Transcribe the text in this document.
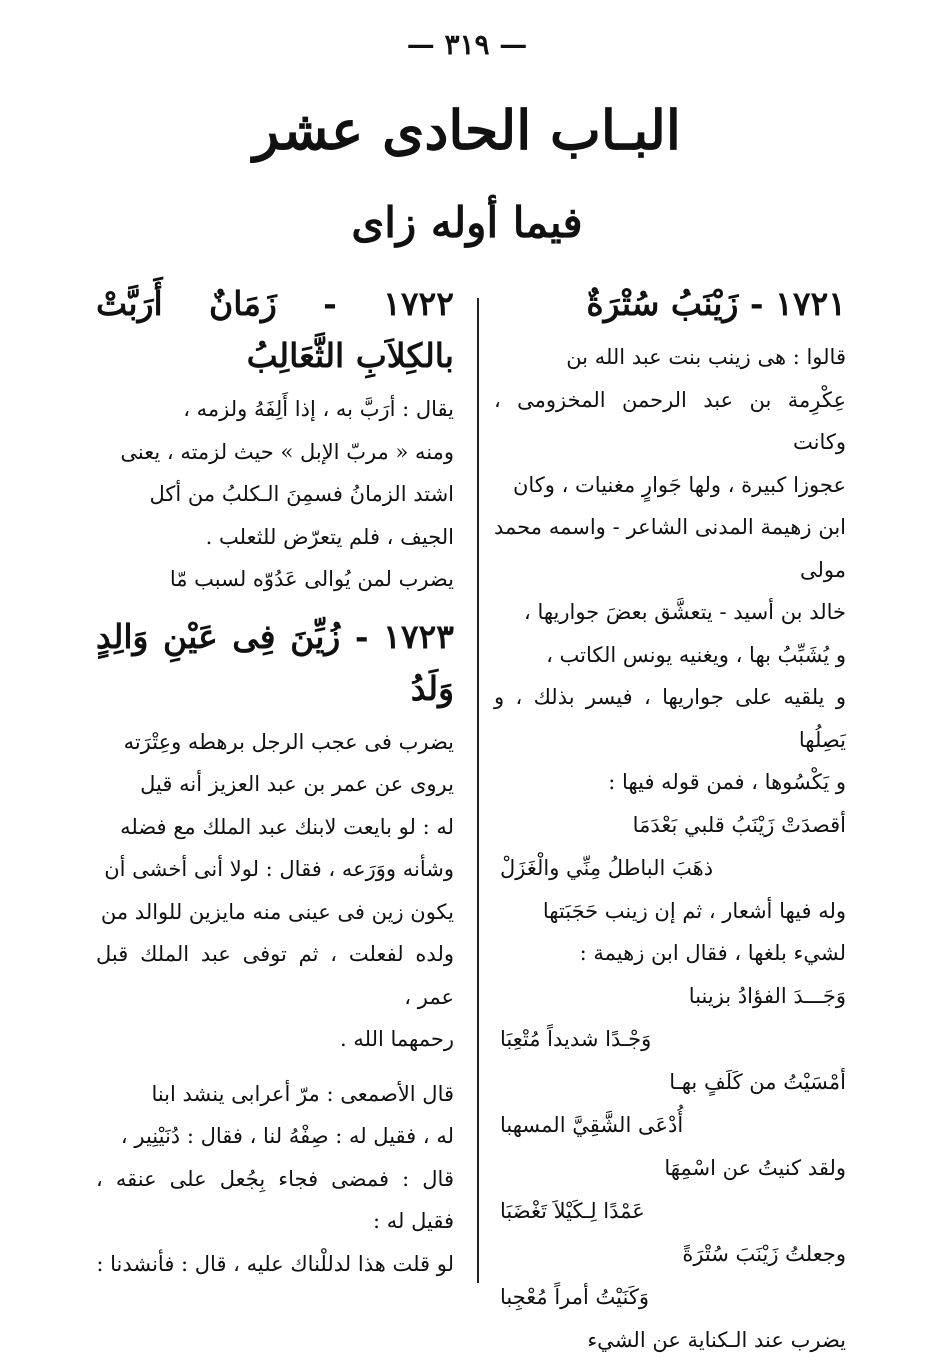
— ٣١٩ —
البـاب الحادى عشر
فيما أوله زاى
١٧٢١ - زَيْنَبُ سُتْرَةٌ

قالوا : هى زينب بنت عبد الله بن

عِكْرِمة بن عبد الرحمن المخزومى ، وكانت

عجوزا كبيرة ، ولها جَوارٍ مغنيات ، وكان

ابن زهيمة المدنى الشاعر - واسمه محمد مولى

خالد بن أسيد - يتعشَّق بعضَ جواريها ،

و يُشَبِّبُ بها ، ويغنيه يونس الكاتب ،

و يلقيه على جواريها ، فيسر بذلك ، و يَصِلُها

و يَكْسُوها ، فمن قوله فيها :

أقصدَتْ زَيْنَبُ قلبي بَعْدَمَا

ذهَبَ الباطلُ مِنِّي والْغَزَلْ

وله فيها أشعار ، ثم إن زينب حَجَبَتها

لشيء بلغها ، فقال ابن زهيمة :

وَجَـــدَ الفؤادُ بزينبا

وَجْـدًا شديداً مُتْعِبَا

أمْسَيْتُ من كَلَفٍ بهـا

أُدْعَى الشَّقِيَّ المسهبا

ولقد كنيتُ عن اسْمِهَا

عَمْدًا لِـكَيْلاَ تَغْضَبَا

وجعلتُ زَيْنَبَ سُتْرَةً

وَكَنَيْتُ أمراً مُعْجِبا

يضرب عند الـكناية عن الشيء

١٧٢٢ - زَمَانٌ أَرَبَّتْ بالكِلاَبِ الثَّعَالِبُ

يقال : أرَبَّ به ، إذا أَلِفَهُ ولزمه ،

ومنه « مربّ الإبل » حيث لزمته ، يعنى

اشتد الزمانُ فسمِنَ الـكلبُ من أكل

الجيف ، فلم يتعرّض للثعلب .

يضرب لمن يُوالى عَدُوّه لسبب مّا

١٧٢٣ - زُيِّنَ فِى عَيْنِ وَالِدٍ وَلَدُ

يضرب فى عجب الرجل برهطه وعِتْرَته

يروى عن عمر بن عبد العزيز أنه قيل

له : لو بايعت لابنك عبد الملك مع فضله

وشأنه ووَرَعه ، فقال : لولا أنى أخشى أن

يكون زين فى عينى منه مايزين للوالد من

ولده لفعلت ، ثم توفى عبد الملك قبل عمر ،

رحمهما الله .

قال الأصمعى : مرّ أعرابى ينشد ابنا

له ، فقيل له : صِفْهُ لنا ، فقال : دُنَيْنِير ،

قال : فمضى فجاء بِجُعل على عنقه ، فقيل له :

لو قلت هذا لدللْناك عليه ، قال : فأنشدنا :
